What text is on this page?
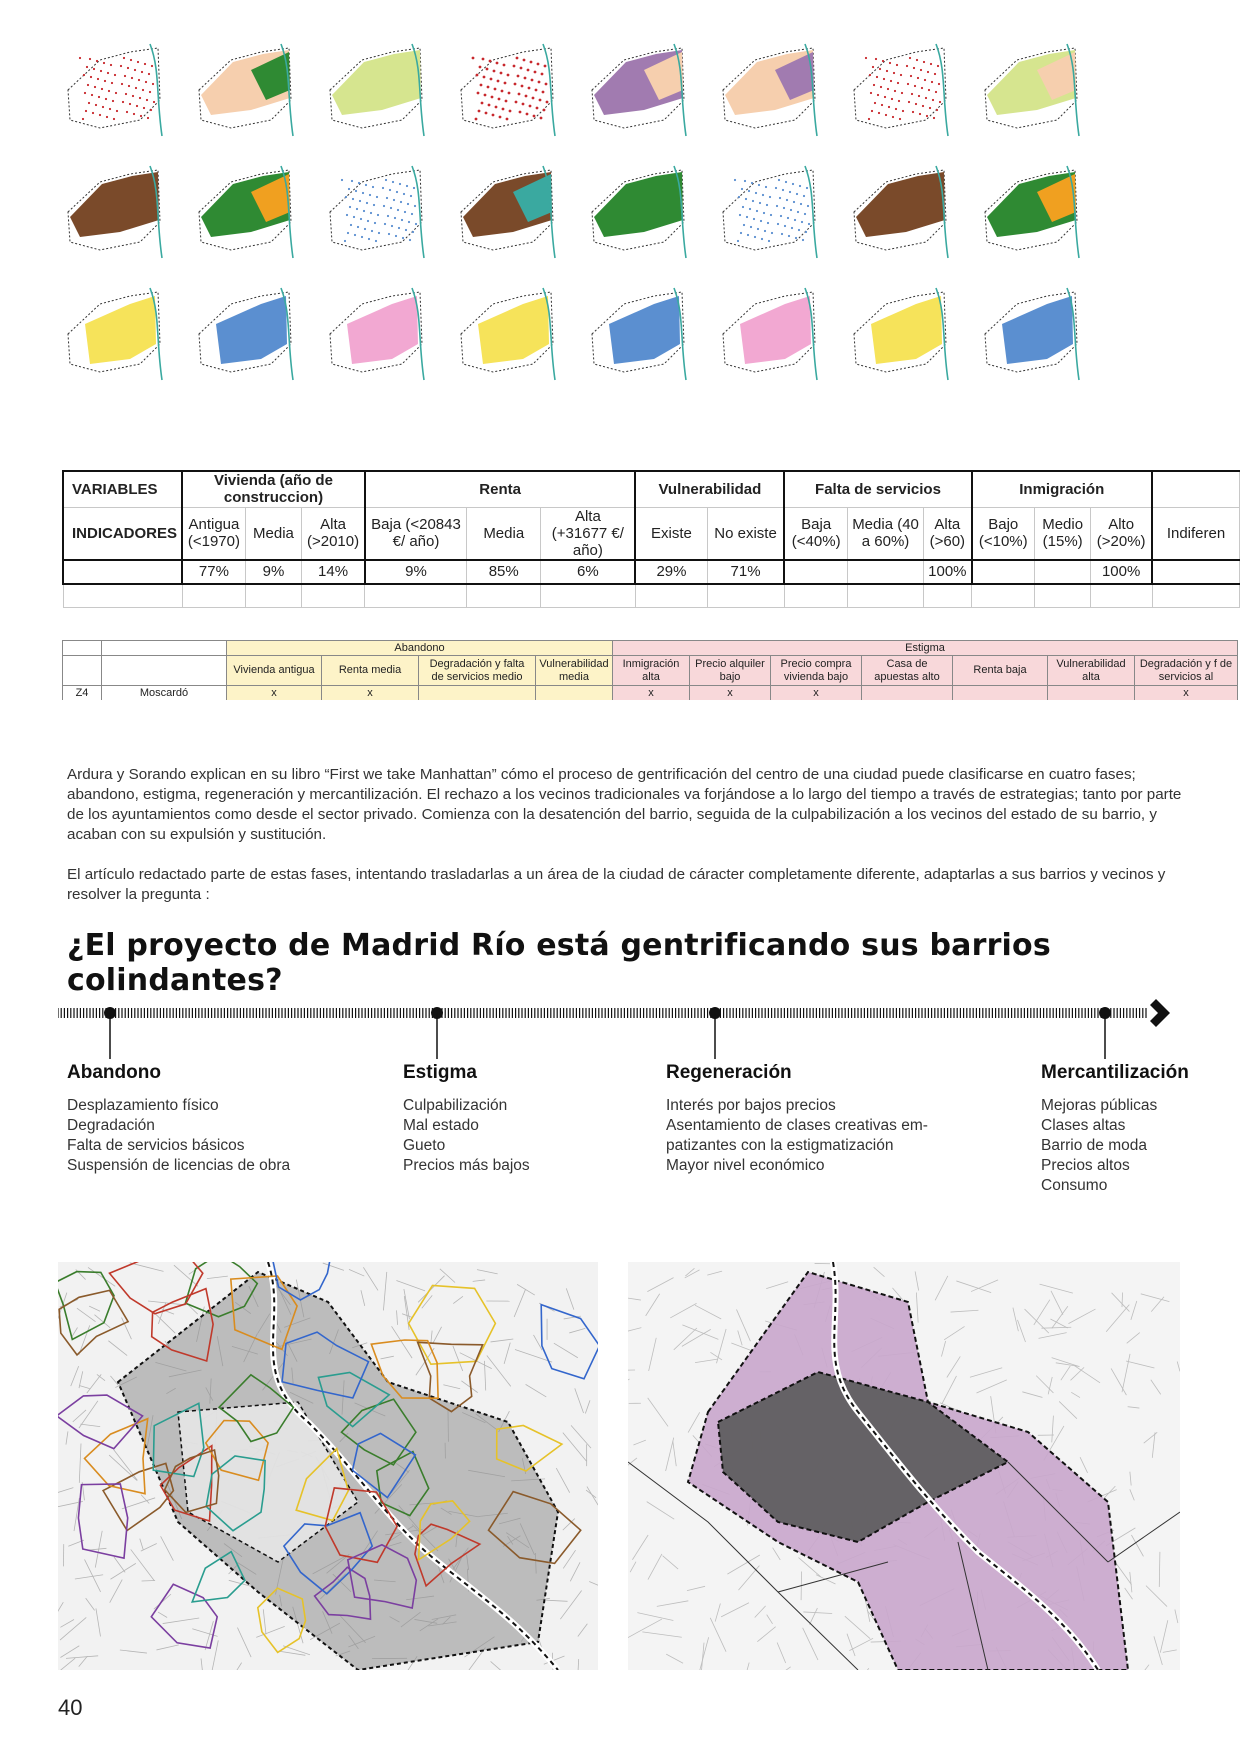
VARIABLES	Vivienda (año de construccion)			Renta			Vulnerabilidad		Falta de servicios			Inmigración			
INDICADORES	Antigua (<1970)	Media	Alta (>2010)	Baja (<20843 €/ año)	Media	Alta (+31677 €/ año)	Existe	No existe	Baja (<40%)	Media (40 a 60%)	Alta (>60)	Bajo (<10%)	Medio (15%)	Alto (>20%)	Indiferen
	77%	9%	14%	9%	85%	6%	29%	71%			100%			100%	

		Abandono				Estigma						
		Vivienda antigua	Renta media	Degradación y falta de servicios medio	Vulnerabilidad media	Inmigración alta	Precio alquiler bajo	Precio compra vivienda bajo	Casa de apuestas alto	Renta baja	Vulnerabilidad alta	Degradación y f de servicios al
Z4	Moscardó	x	x			x	x	x				x
Ardura y Sorando explican en su libro “First we take Manhattan” cómo el proceso de gentrificación del centro de una ciudad puede clasificarse en cuatro fases; abandono, estigma, regeneración y mercantilización. El rechazo a los vecinos tradicionales va forjándose a lo largo del tiempo a través de estrategias; tanto por parte de los ayuntamientos como desde el sector privado. Comienza con la desatención del barrio, seguida de la culpabilización a los vecinos del estado de su barrio, y acaban con su expulsión y sustitución.
El artículo redactado parte de estas fases, intentando trasladarlas a un área de la ciudad de cáracter completamente diferente, adaptarlas a sus barrios y vecinos y resolver la pregunta :
¿El proyecto de Madrid Río está gentrificando sus barrios colindantes?
Abandono	Estigma	Regeneración	Mercantilización
Desplazamiento físico
Degradación
Falta de servicios básicos
Suspensión de licencias de obra
Culpabilización
Mal estado
Gueto
Precios más bajos
Interés por bajos precios
Asentamiento de clases creativas em-
patizantes con la estigmatización
Mayor nivel económico
Mejoras públicas
Clases altas
Barrio de moda
Precios altos
Consumo
40
